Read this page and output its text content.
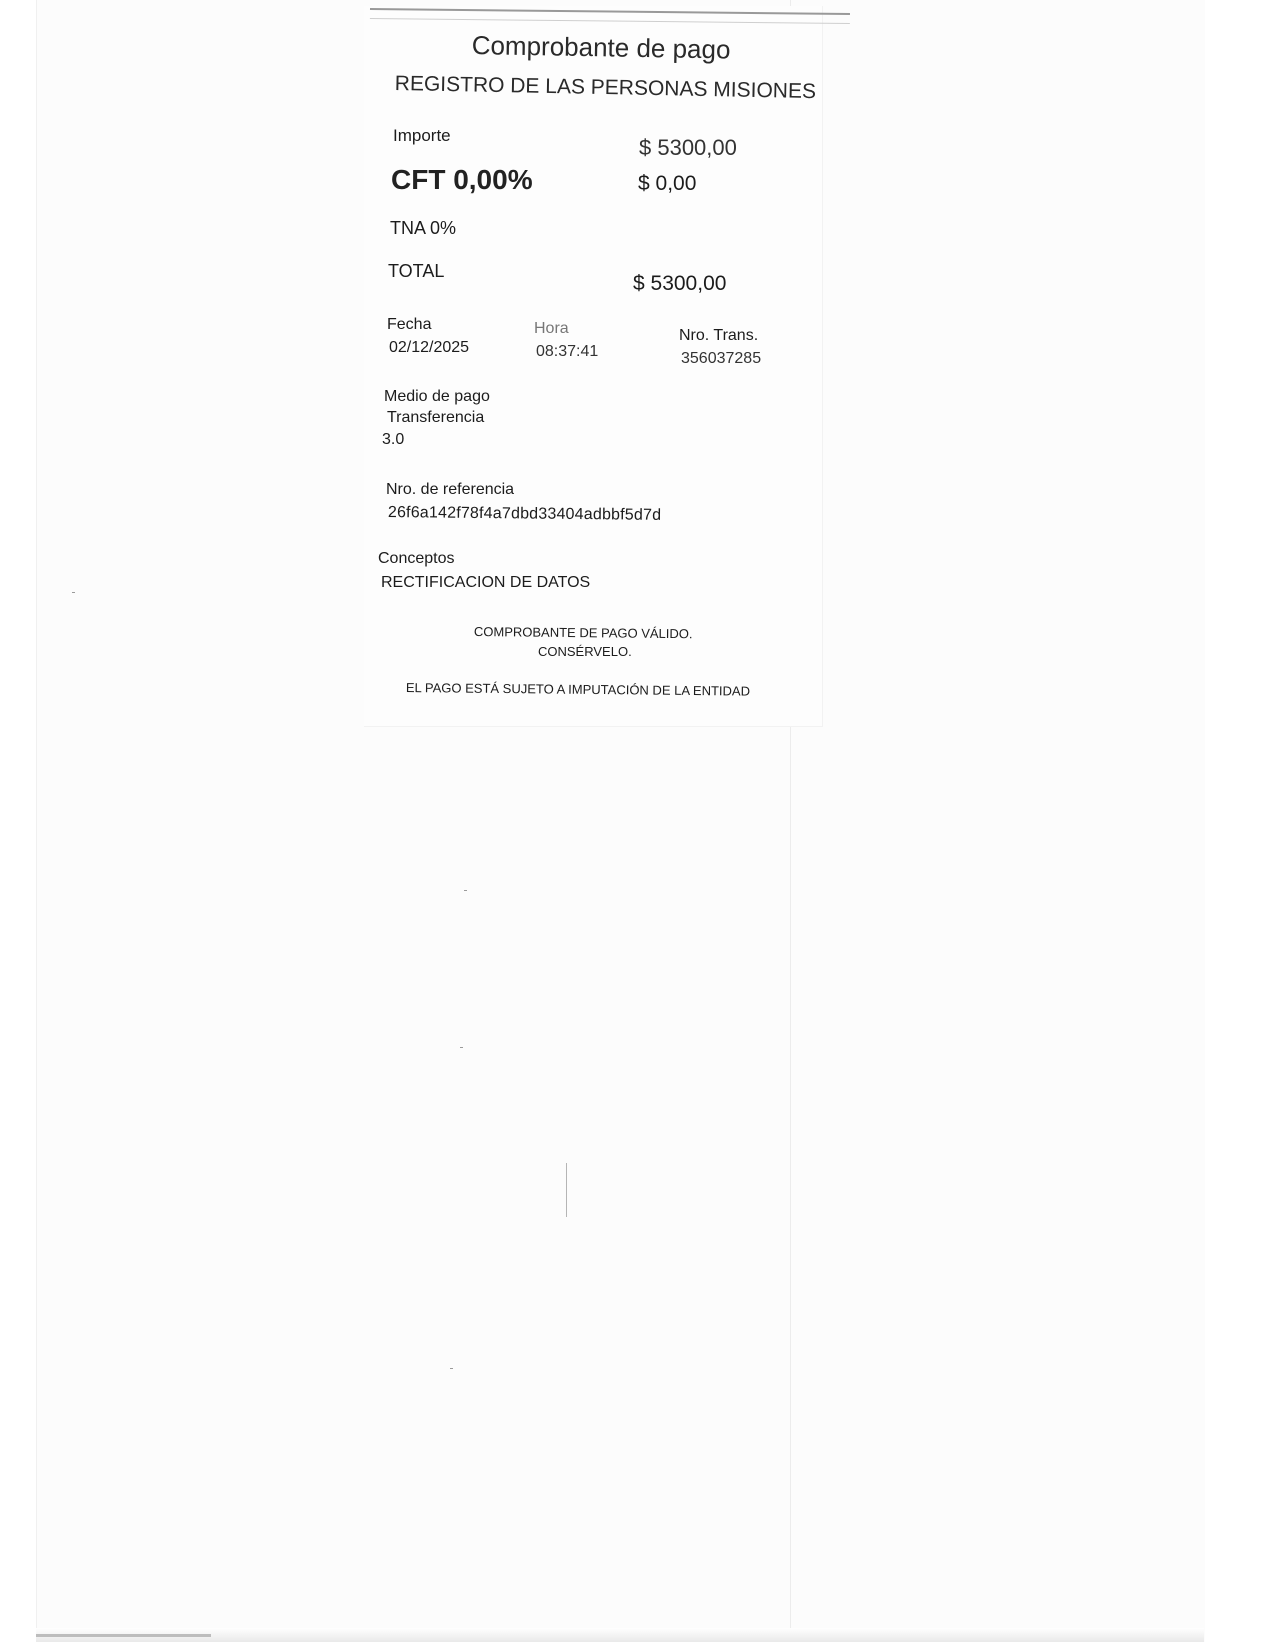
Comprobante de pago
REGISTRO DE LAS PERSONAS MISIONES
Importe	$ 5300,00
CFT 0,00%	$ 0,00
TNA 0%
TOTAL
$ 5300,00
Fecha
02/12/2025
Hora
08:37:41
Nro. Trans.
356037285
Medio de pago
Transferencia
3.0
Nro. de referencia
26f6a142f78f4a7dbd33404adbbf5d7d
Conceptos
RECTIFICACION DE DATOS
COMPROBANTE DE PAGO VÁLIDO.
CONSÉRVELO.
EL PAGO ESTÁ SUJETO A IMPUTACIÓN DE LA ENTIDAD
